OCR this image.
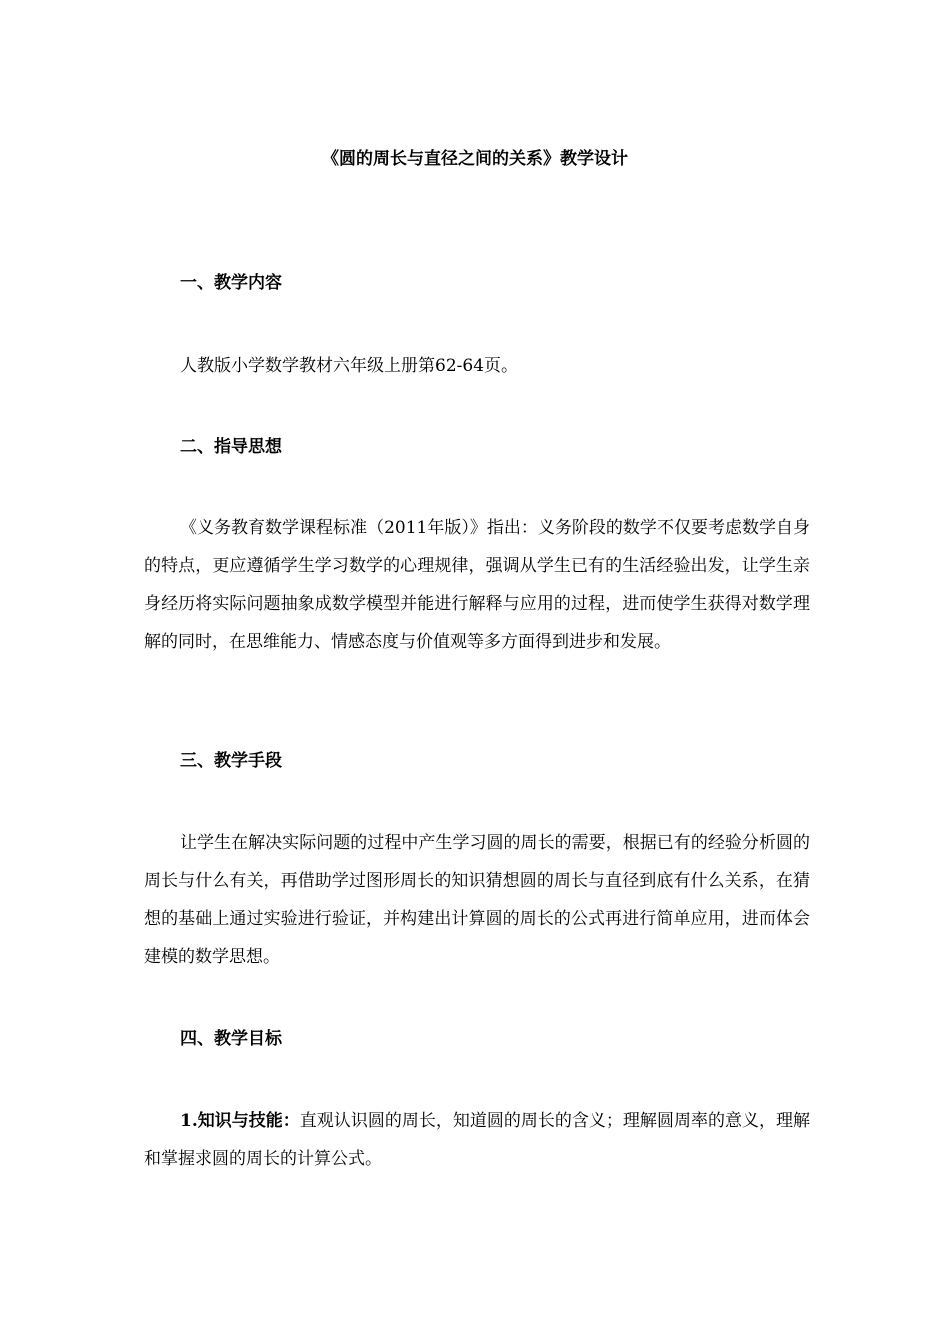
《圆的周长与直径之间的关系》教学设计
一、教学内容

人教版小学数学教材六年级上册第62-64页。

二、指导思想

《义务教育数学课程标准（2011年版）》指出：义务阶段的数学不仅要考虑数学自身的特点，更应遵循学生学习数学的心理规律，强调从学生已有的生活经验出发，让学生亲身经历将实际问题抽象成数学模型并能进行解释与应用的过程，进而使学生获得对数学理解的同时，在思维能力、情感态度与价值观等多方面得到进步和发展。

三、教学手段

让学生在解决实际问题的过程中产生学习圆的周长的需要，根据已有的经验分析圆的周长与什么有关，再借助学过图形周长的知识猜想圆的周长与直径到底有什么关系，在猜想的基础上通过实验进行验证，并构建出计算圆的周长的公式再进行简单应用，进而体会建模的数学思想。

四、教学目标

1.知识与技能：直观认识圆的周长，知道圆的周长的含义；理解圆周率的意义，理解和掌握求圆的周长的计算公式。
